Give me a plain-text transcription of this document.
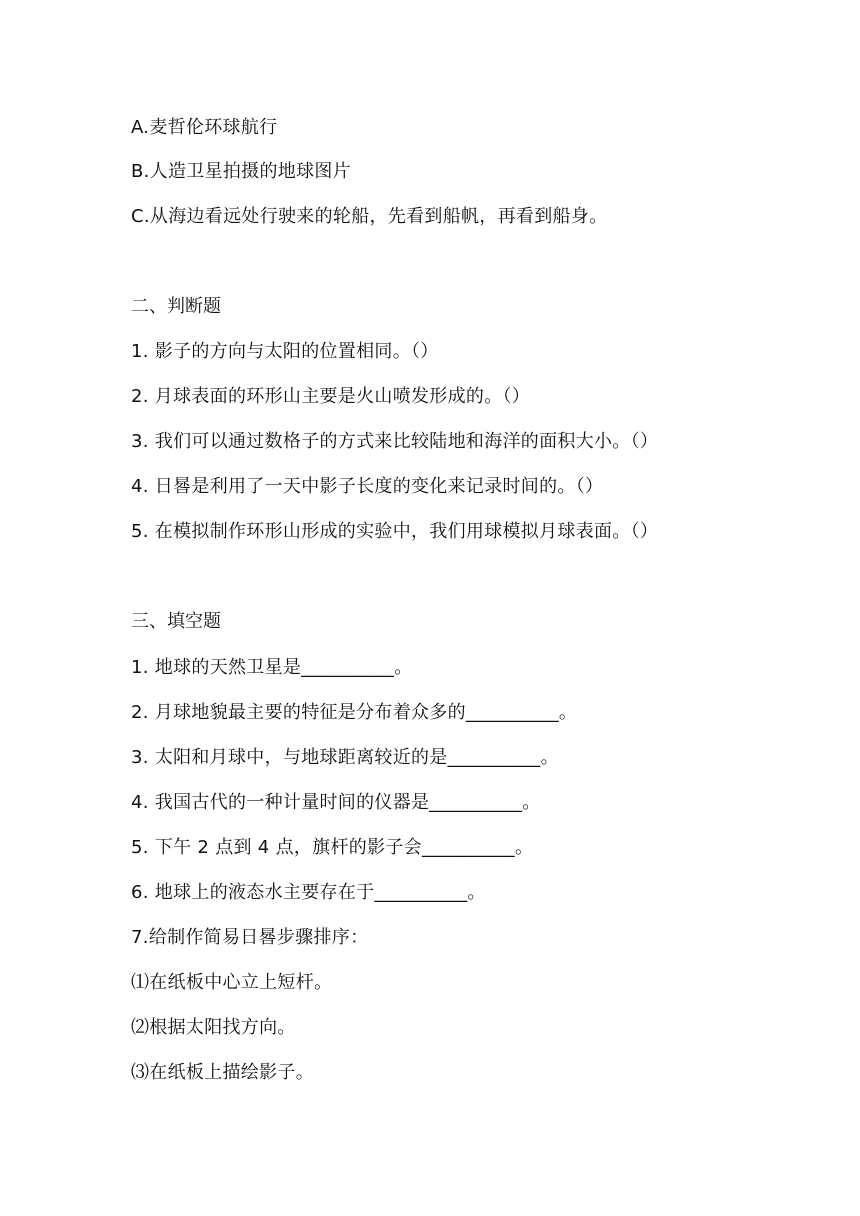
A.麦哲伦环球航行
B.人造卫星拍摄的地球图片
C.从海边看远处行驶来的轮船，先看到船帆，再看到船身。
二、判断题
1. 影子的方向与太阳的位置相同。（）
2. 月球表面的环形山主要是火山喷发形成的。（）
3. 我们可以通过数格子的方式来比较陆地和海洋的面积大小。（）
4. 日晷是利用了一天中影子长度的变化来记录时间的。（）
5. 在模拟制作环形山形成的实验中，我们用球模拟月球表面。（）
三、填空题
1. 地球的天然卫星是__________。
2. 月球地貌最主要的特征是分布着众多的__________。
3. 太阳和月球中，与地球距离较近的是__________。
4. 我国古代的一种计量时间的仪器是__________。
5. 下午 2 点到 4 点，旗杆的影子会__________。
6. 地球上的液态水主要存在于__________。
7.给制作简易日晷步骤排序：
⑴在纸板中心立上短杆。
⑵根据太阳找方向。
⑶在纸板上描绘影子。
